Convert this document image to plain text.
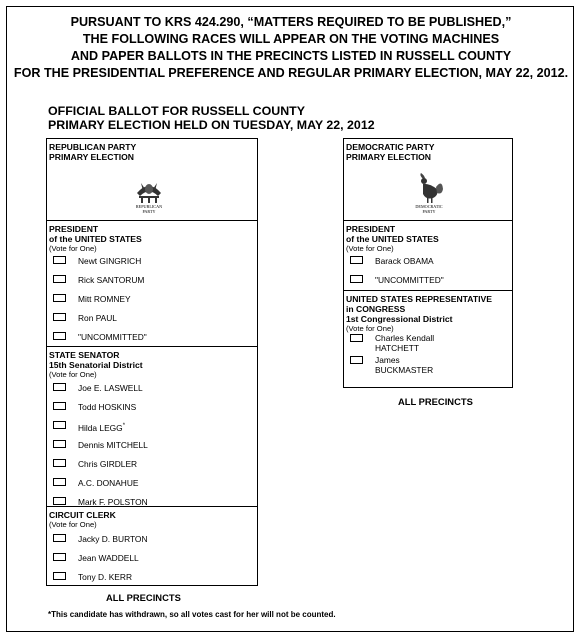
PURSUANT TO KRS 424.290, “MATTERS REQUIRED TO BE PUBLISHED,”
THE FOLLOWING RACES WILL APPEAR ON THE VOTING MACHINES
AND PAPER BALLOTS IN THE PRECINCTS LISTED IN RUSSELL COUNTY
FOR THE PRESIDENTIAL PREFERENCE AND REGULAR PRIMARY ELECTION, MAY 22, 2012.
OFFICIAL BALLOT FOR RUSSELL COUNTY
PRIMARY ELECTION HELD ON TUESDAY, MAY 22, 2012
REPUBLICAN PARTY
PRIMARY ELECTION
REPUBLICAN
PARTY
PRESIDENT
of the UNITED STATES
(Vote for One)
Newt GINGRICH
Rick SANTORUM
Mitt ROMNEY
Ron PAUL
"UNCOMMITTED"
STATE SENATOR
15th Senatorial District
(Vote for One)
Joe E. LASWELL
Todd HOSKINS
Hilda LEGG*
Dennis MITCHELL
Chris GIRDLER
A.C. DONAHUE
Mark F. POLSTON
CIRCUIT CLERK
(Vote for One)
Jacky D. BURTON
Jean WADDELL
Tony D. KERR
ALL PRECINCTS
DEMOCRATIC PARTY
PRIMARY ELECTION
DEMOCRATIC
PARTY
PRESIDENT
of the UNITED STATES
(Vote for One)
Barack OBAMA
"UNCOMMITTED"
UNITED STATES REPRESENTATIVE
in CONGRESS
1st Congressional District
(Vote for One)
Charles Kendall
HATCHETT
James
BUCKMASTER
ALL PRECINCTS
*This candidate has withdrawn, so all votes cast for her will not be counted.
